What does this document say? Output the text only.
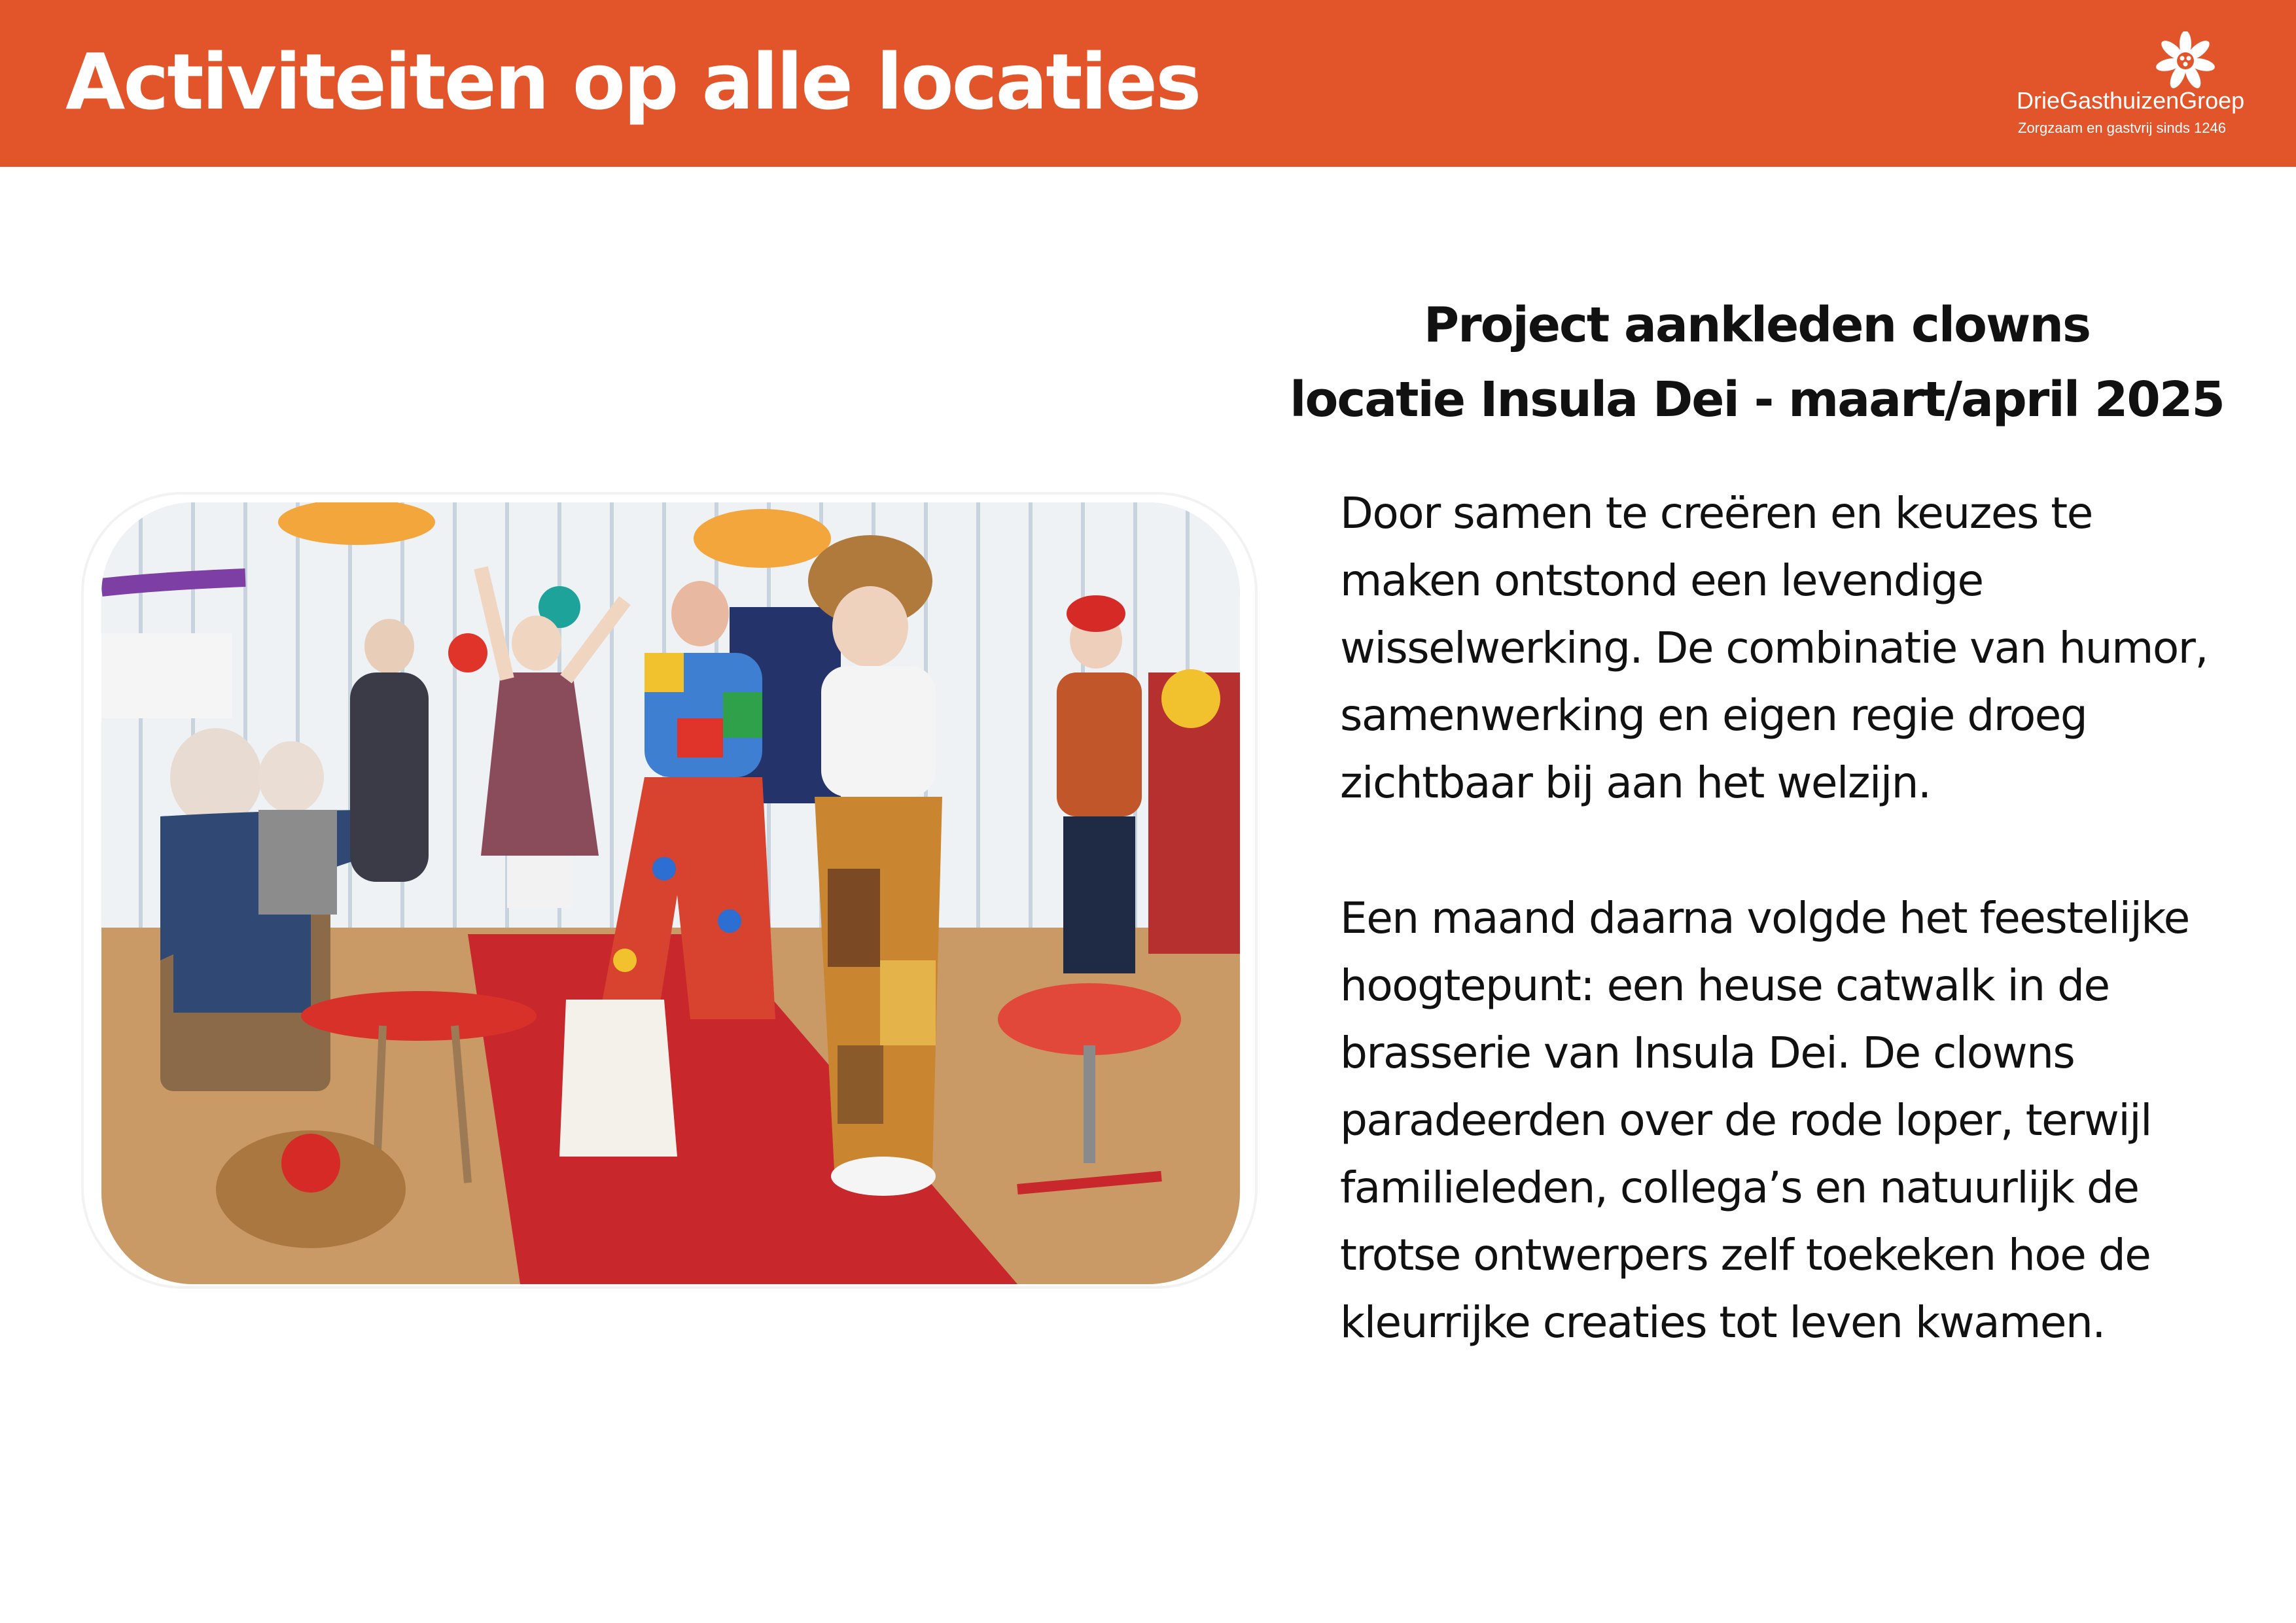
Activiteiten op alle locaties	DrieGasthuizenGroep
Zorgzaam en gastvrij sinds 1246
Project aankleden clowns
locatie Insula Dei - maart/april 2025
Door samen te creëren en keuzes te
maken ontstond een levendige
wisselwerking. De combinatie van humor,
samenwerking en eigen regie droeg
zichtbaar bij aan het welzijn.
Een maand daarna volgde het feestelijke
hoogtepunt: een heuse catwalk in de
brasserie van Insula Dei. De clowns
paradeerden over de rode loper, terwijl
familieleden, collega’s en natuurlijk de
trotse ontwerpers zelf toekeken hoe de
kleurrijke creaties tot leven kwamen.
